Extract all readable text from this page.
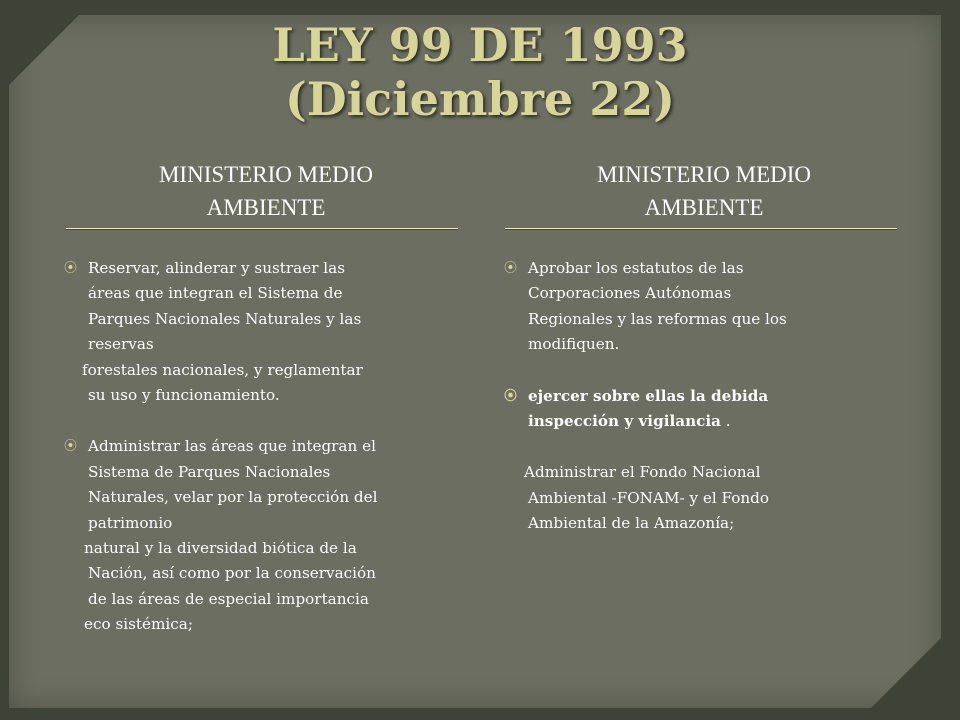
LEY 99 DE 1993
(Diciembre 22)
MINISTERIO MEDIO
AMBIENTE
MINISTERIO MEDIO
AMBIENTE
⦿ Reservar, alinderar y sustraer las
áreas que integran el Sistema de
Parques Nacionales Naturales y las
reservas
forestales nacionales, y reglamentar
su uso y funcionamiento.
⦿ Administrar las áreas que integran el
Sistema de Parques Nacionales
Naturales, velar por la protección del
patrimonio
natural y la diversidad biótica de la
Nación, así como por la conservación
de las áreas de especial importancia
eco sistémica;
⦿ Aprobar los estatutos de las
Corporaciones Autónomas
Regionales y las reformas que los
modifiquen.
⦿ ejercer sobre ellas la debida
inspección y vigilancia .
Administrar el Fondo Nacional
Ambiental -FONAM- y el Fondo
Ambiental de la Amazonía;
